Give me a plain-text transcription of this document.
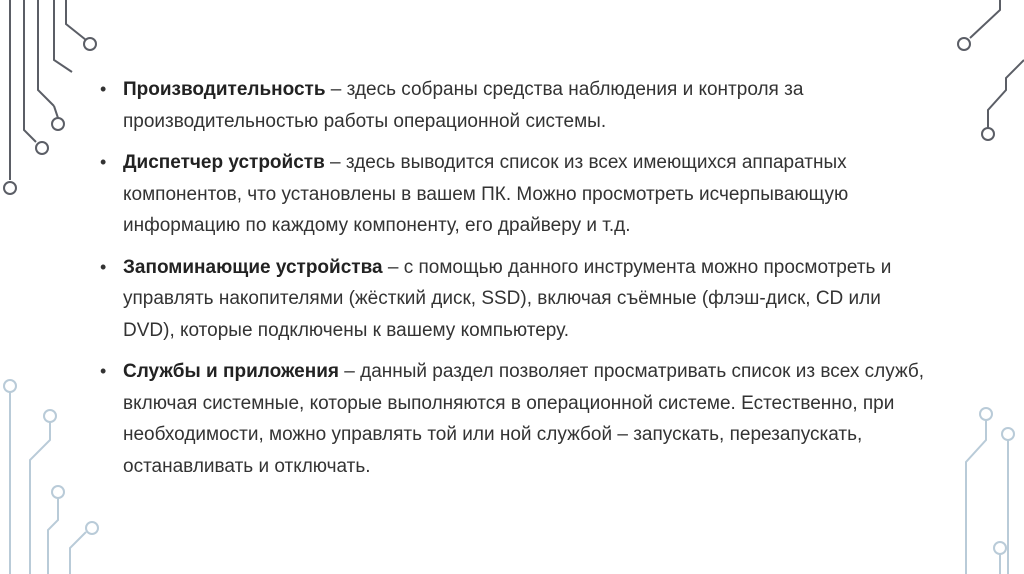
• Производительность – здесь собраны средства наблюдения и контроля за производительностью работы операционной системы.
• Диспетчер устройств – здесь выводится список из всех имеющихся аппаратных компонентов, что установлены в вашем ПК. Можно просмотреть исчерпывающую информацию по каждому компоненту, его драйверу и т.д.
• Запоминающие устройства – с помощью данного инструмента можно просмотреть и управлять накопителями (жёсткий диск, SSD), включая съёмные (флэш-диск, CD или DVD), которые подключены к вашему компьютеру.
• Службы и приложения – данный раздел позволяет просматривать список из всех служб, включая системные, которые выполняются в операционной системе. Естественно, при необходимости, можно управлять той или ной службой – запускать, перезапускать, останавливать и отключать.
